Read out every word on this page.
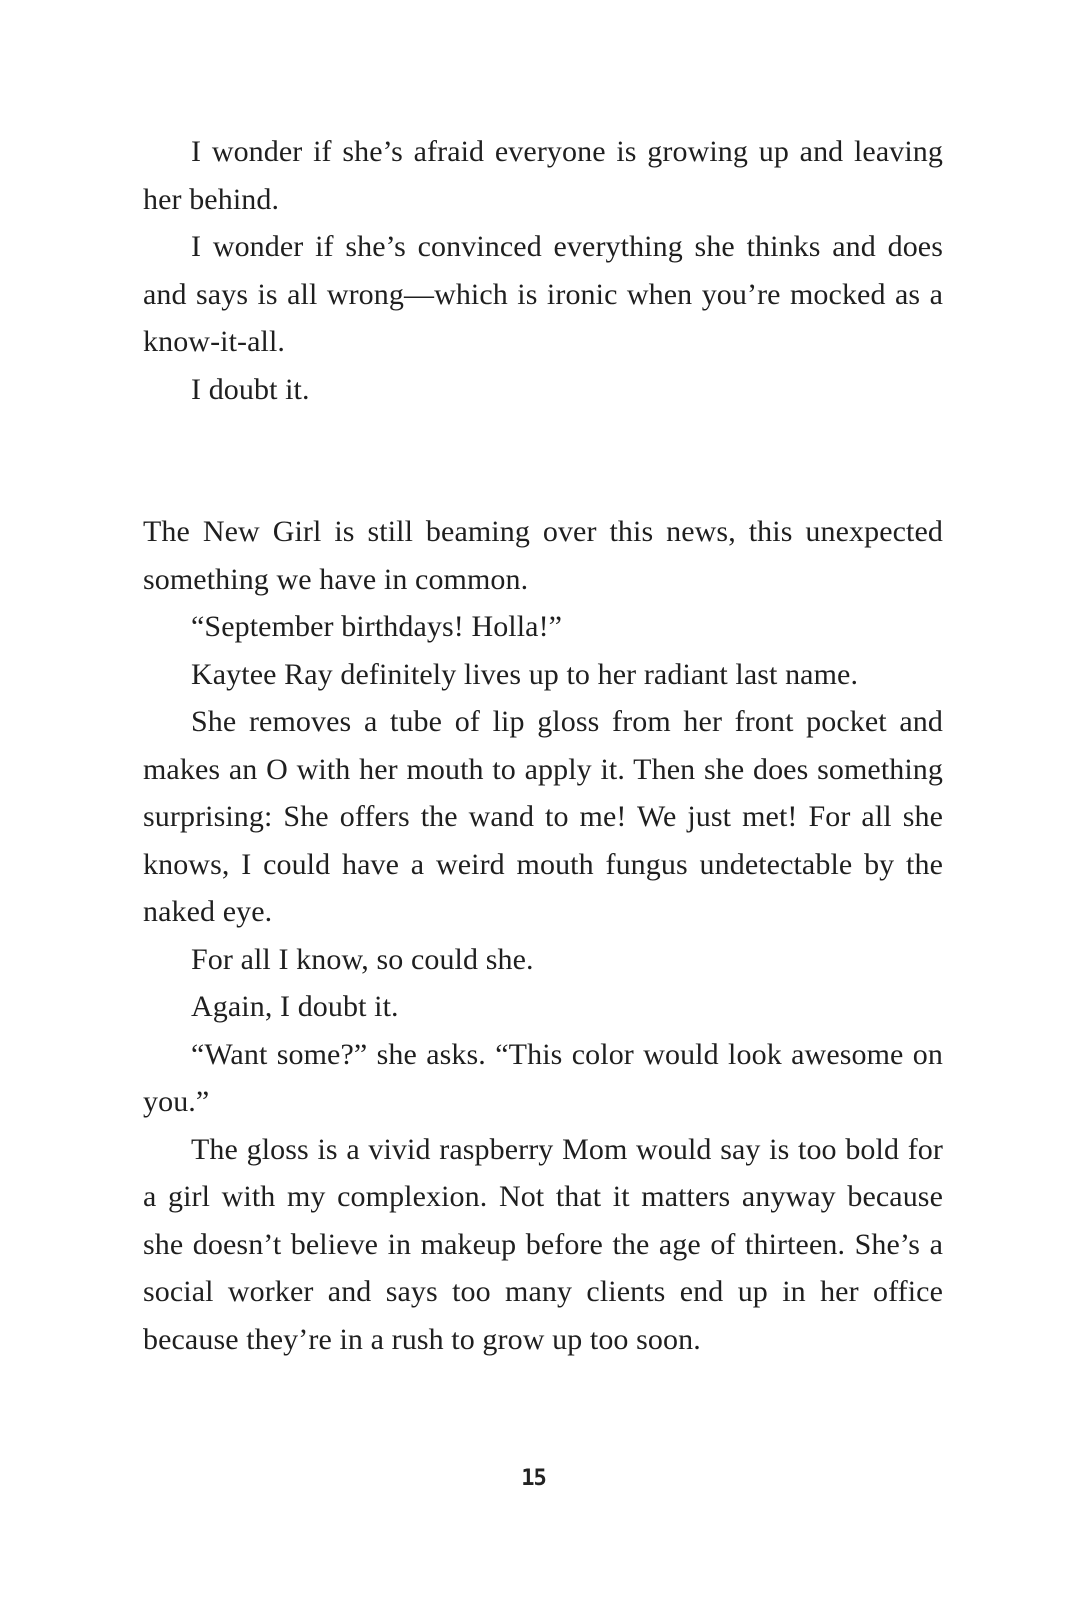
I wonder if she’s afraid everyone is growing up and leaving her behind.

I wonder if she’s convinced everything she thinks and does and says is all wrong—which is ironic when you’re mocked as a know-it-all.

I doubt it.

The New Girl is still beaming over this news, this unexpected something we have in common.

“September birthdays! Holla!”

Kaytee Ray definitely lives up to her radiant last name.

She removes a tube of lip gloss from her front pocket and makes an O with her mouth to apply it. Then she does something surprising: She offers the wand to me! We just met! For all she knows, I could have a weird mouth fungus undetectable by the naked eye.

For all I know, so could she.

Again, I doubt it.

“Want some?” she asks. “This color would look awesome on you.”

The gloss is a vivid raspberry Mom would say is too bold for a girl with my complexion. Not that it matters anyway because she doesn’t believe in makeup before the age of thirteen. She’s a social worker and says too many clients end up in her office because they’re in a rush to grow up too soon.

15
